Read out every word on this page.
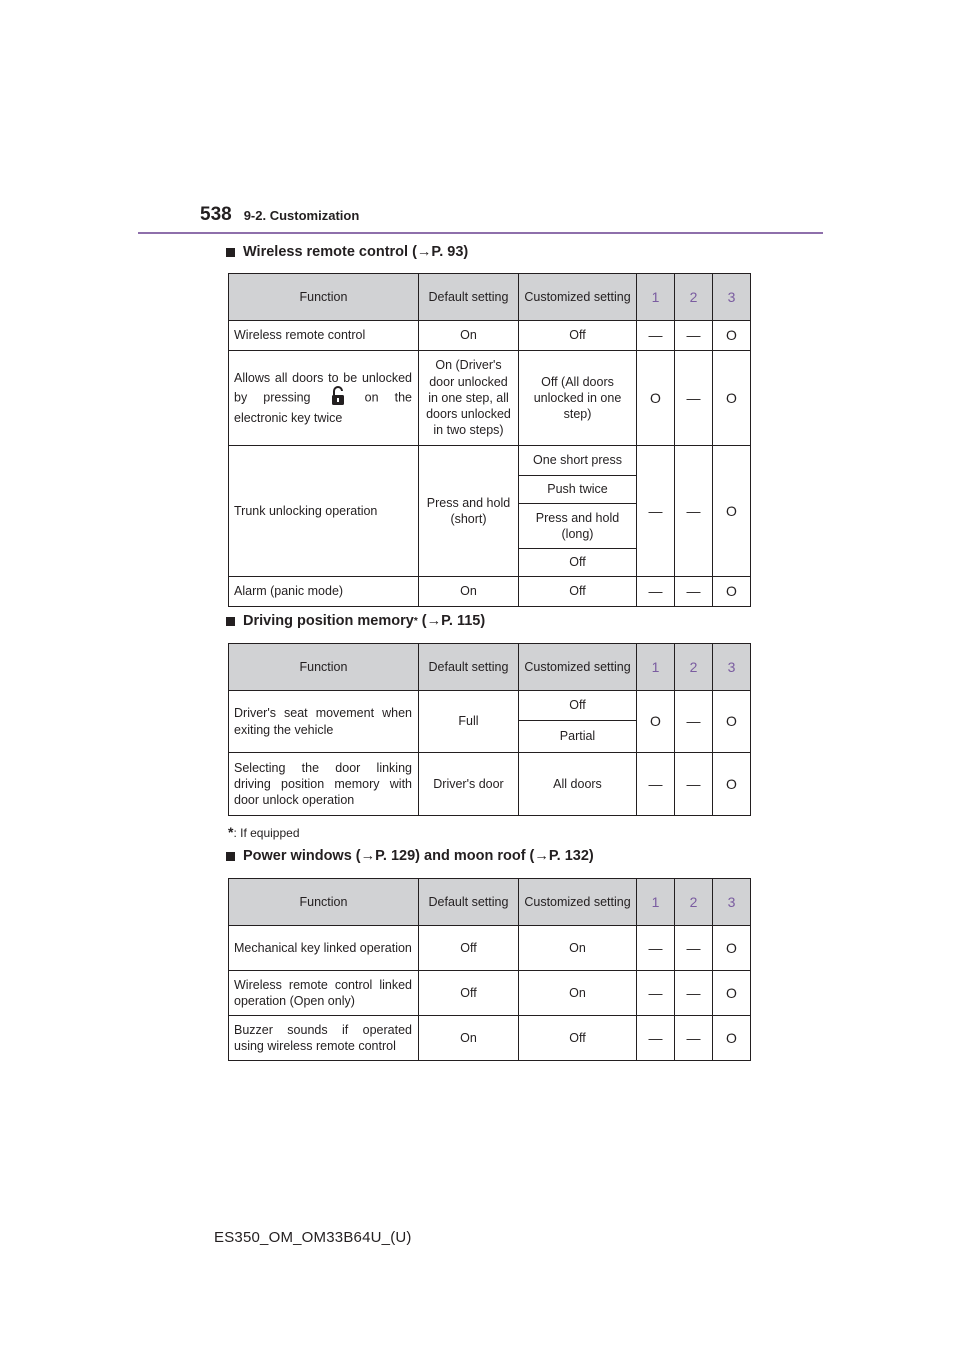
538 9-2. Customization
Wireless remote control (→P. 93)
Function	Default setting	Customized setting	1	2	3
Wireless remote control	On	Off	—	—	O
Allows all doors to be unlocked by pressing on the electronic key twice	On (Driver's door unlocked in one step, all doors unlocked in two steps)	Off (All doors unlocked in one step)	O	—	O
Trunk unlocking operation	Press and hold (short)	One short press	—	—	O
		Push twice			
		Press and hold (long)			
		Off			
Alarm (panic mode)	On	Off	—	—	O
Driving position memory *
(→P. 115)
Function	Default setting	Customized setting	1	2	3
Driver's seat movement when exiting the vehicle	Full	Off	O	—	O
		Partial			
Selecting the door linking driving position memory with door unlock operation	Driver's door	All doors	—	—	O
*: If equipped
Power windows (→P. 129) and moon roof (→P. 132)
Function	Default setting	Customized setting	1	2	3
Mechanical key linked operation	Off	On	—	—	O
Wireless remote control linked operation (Open only)	Off	On	—	—	O
Buzzer sounds if operated using wireless remote control	On	Off	—	—	O
ES350_OM_OM33B64U_(U)
